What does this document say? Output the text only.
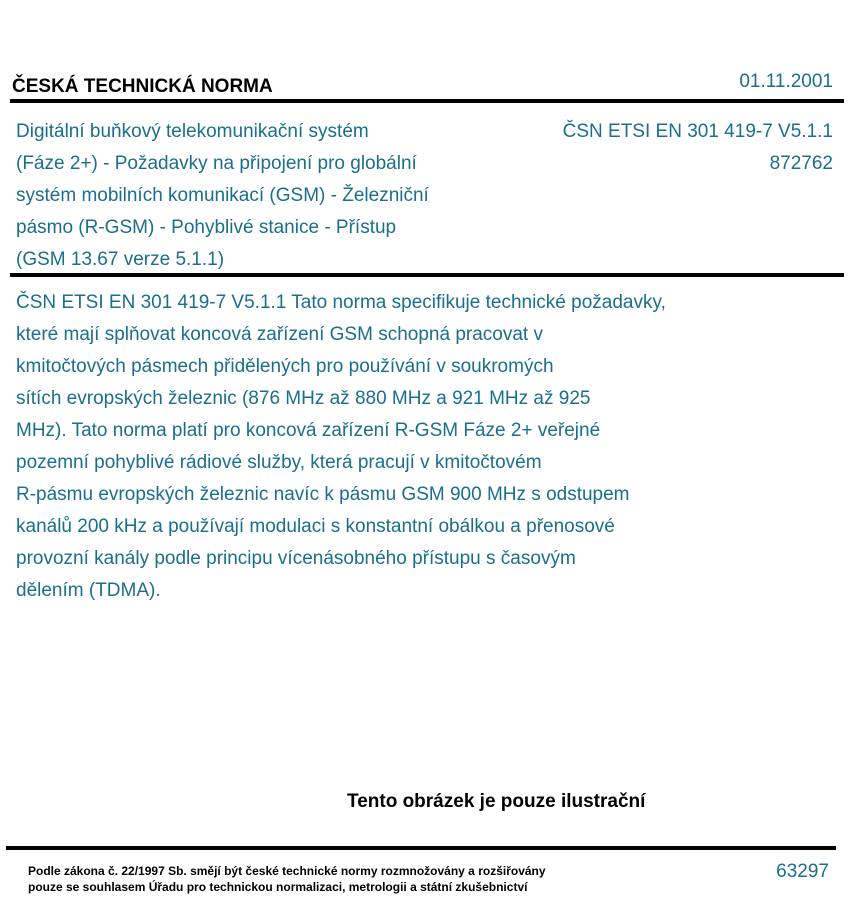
ČESKÁ TECHNICKÁ NORMA	01.11.2001
Digitální buňkový telekomunikační systém
(Fáze 2+) - Požadavky na připojení pro globální
systém mobilních komunikací (GSM) - Železniční
pásmo (R-GSM) - Pohyblivé stanice - Přístup
(GSM 13.67 verze 5.1.1)
ČSN ETSI EN 301 419-7 V5.1.1
872762
ČSN ETSI EN 301 419-7 V5.1.1 Tato norma specifikuje technické požadavky,
které mají splňovat koncová zařízení GSM schopná pracovat v
kmitočtových pásmech přidělených pro používání v soukromých
sítích evropských železnic (876 MHz až 880 MHz a 921 MHz až 925
MHz). Tato norma platí pro koncová zařízení R-GSM Fáze 2+ veřejné
pozemní pohyblivé rádiové služby, která pracují v kmitočtovém
R-pásmu evropských železnic navíc k pásmu GSM 900 MHz s odstupem
kanálů 200 kHz a používají modulaci s konstantní obálkou a přenosové
provozní kanály podle principu vícenásobného přístupu s časovým
dělením (TDMA).
Tento obrázek je pouze ilustrační
Podle zákona č. 22/1997 Sb. smějí být české technické normy rozmnožovány a rozšiřovány
pouze se souhlasem Úřadu pro technickou normalizaci, metrologii a státní zkušebnictví
63297
